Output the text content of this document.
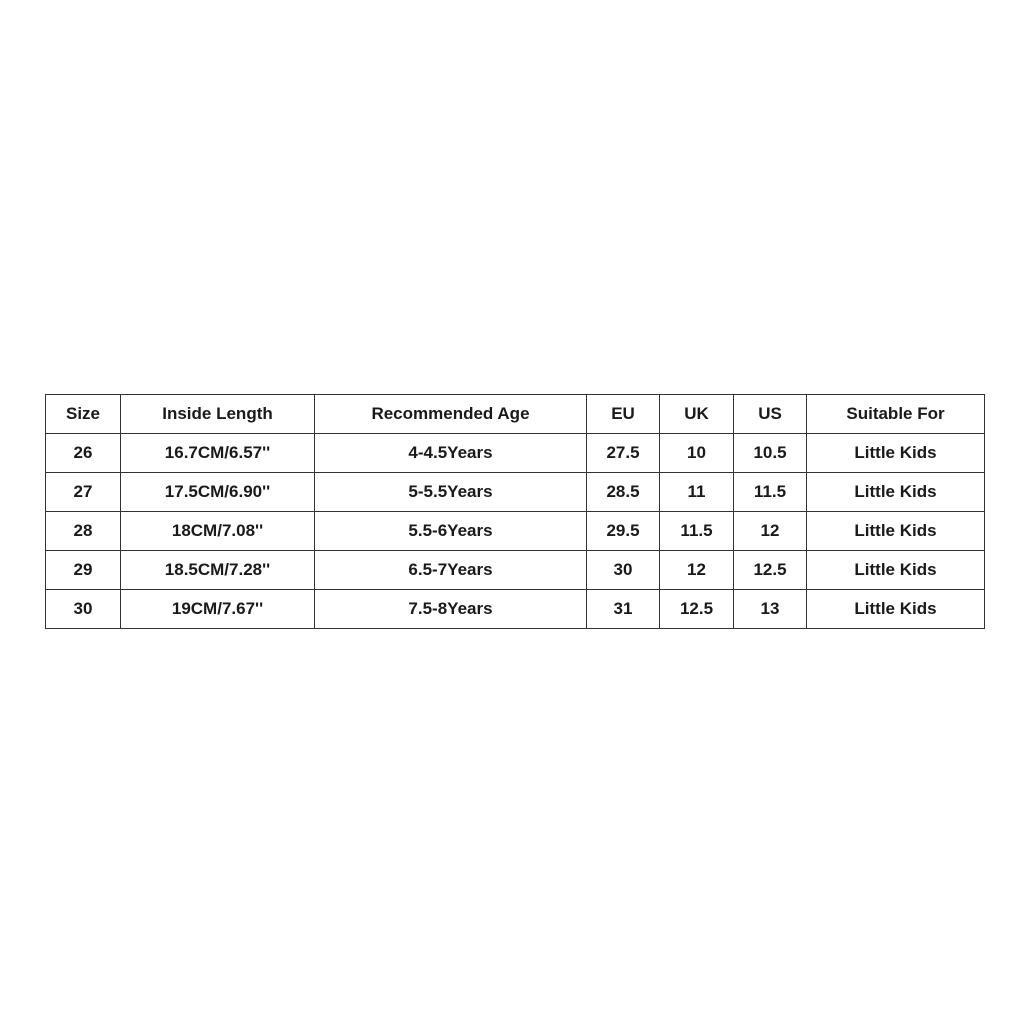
Size	Inside Length	Recommended Age	EU	UK	US	Suitable For
26	16.7CM/6.57''	4-4.5Years	27.5	10	10.5	Little Kids
27	17.5CM/6.90''	5-5.5Years	28.5	11	11.5	Little Kids
28	18CM/7.08''	5.5-6Years	29.5	11.5	12	Little Kids
29	18.5CM/7.28''	6.5-7Years	30	12	12.5	Little Kids
30	19CM/7.67''	7.5-8Years	31	12.5	13	Little Kids
